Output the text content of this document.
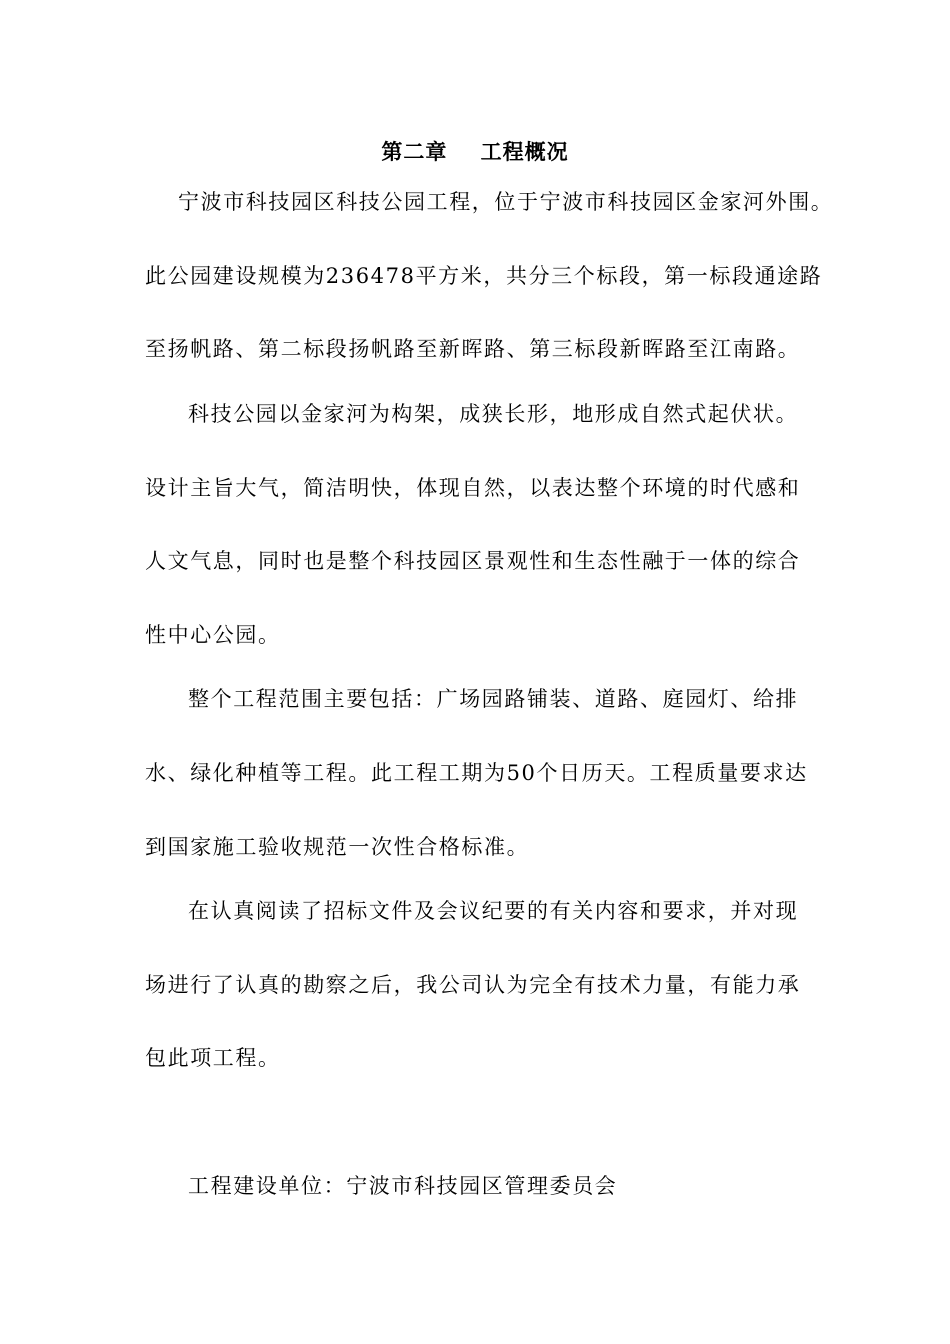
第二章    工程概况
宁波市科技园区科技公园工程，位于宁波市科技园区金家河外围。
此公园建设规模为236478平方米，共分三个标段，第一标段通途路
至扬帆路、第二标段扬帆路至新晖路、第三标段新晖路至江南路。
科技公园以金家河为构架，成狭长形，地形成自然式起伏状。
设计主旨大气，简洁明快，体现自然，以表达整个环境的时代感和
人文气息，同时也是整个科技园区景观性和生态性融于一体的综合
性中心公园。
整个工程范围主要包括：广场园路铺装、道路、庭园灯、给排
水、绿化种植等工程。此工程工期为50个日历天。工程质量要求达
到国家施工验收规范一次性合格标准。
在认真阅读了招标文件及会议纪要的有关内容和要求，并对现
场进行了认真的勘察之后，我公司认为完全有技术力量，有能力承
包此项工程。
工程建设单位：宁波市科技园区管理委员会
